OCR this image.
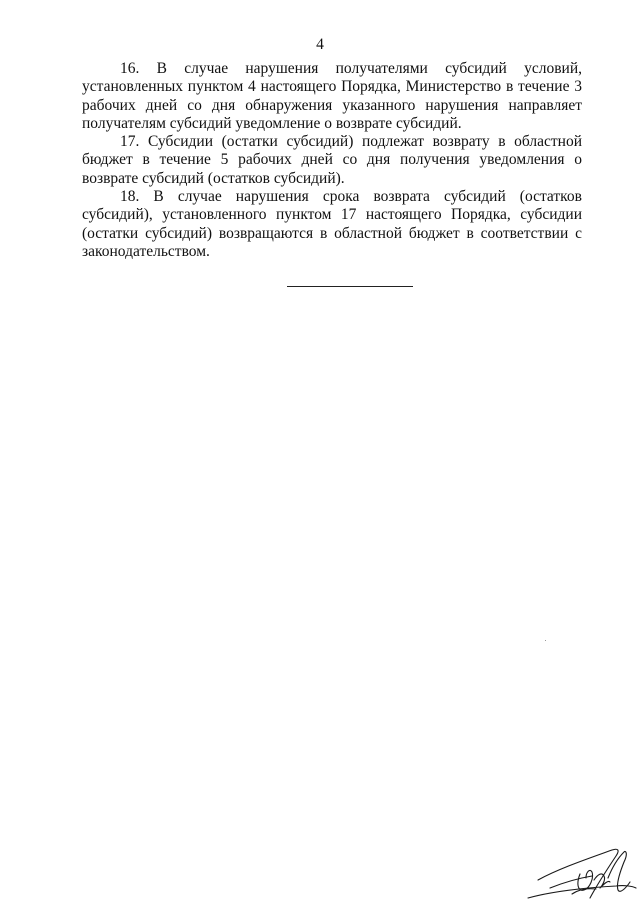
4

16. В случае нарушения получателями субсидий условий, установленных пунктом 4 настоящего Порядка, Министерство в течение 3 рабочих дней со дня обнаружения указанного нарушения направляет получателям субсидий уведомление о возврате субсидий.

17. Субсидии (остатки субсидий) подлежат возврату в областной бюджет в течение 5 рабочих дней со дня получения уведомления о возврате субсидий (остатков субсидий).

18. В случае нарушения срока возврата субсидий (остатков субсидий), установленного пунктом 17 настоящего Порядка, субсидии (остатки субсидий) возвращаются в областной бюджет в соответствии с законодательством.
